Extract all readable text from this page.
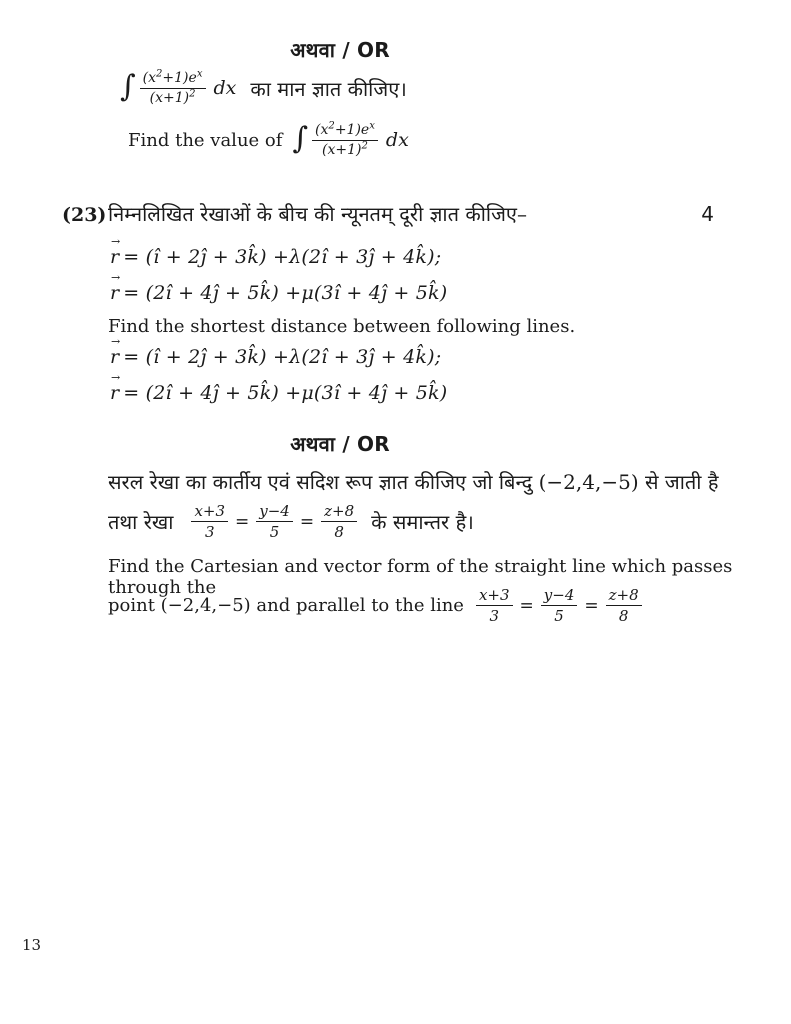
अथवा / OR
∫ $\frac{(x^2+1)e^x}{(x+1)^2}$ dx का मान ज्ञात कीजिए।
Find the value of ∫ $\frac{(x^2+1)e^x}{(x+1)^2}$ dx
(23) निम्नलिखित रेखाओं के बीच की न्यूनतम् दूरी ज्ञात कीजिए–	4
→
r = (î + 2ĵ + 3k̂) +λ(2î + 3ĵ + 4k̂);
→
r = (2î + 4ĵ + 5k̂) +μ(3î + 4ĵ + 5k̂)
Find the shortest distance between following lines.
→
r = (î + 2ĵ + 3k̂) +λ(2î + 3ĵ + 4k̂);
→
r = (2î + 4ĵ + 5k̂) +μ(3î + 4ĵ + 5k̂)
अथवा / OR
सरल रेखा का कार्तीय एवं सदिश रूप ज्ञात कीजिए जो बिन्दु (−2,4,−5) से जाती है
तथा रेखा $\frac{x+3}{3} = \frac{y-4}{5} = \frac{z+8}{8}$ के समान्तर है।
Find the Cartesian and vector form of the straight line which passes through the
point (−2,4,−5) and parallel to the line $\frac{x+3}{3} = \frac{y-4}{5} = \frac{z+8}{8}$
13
